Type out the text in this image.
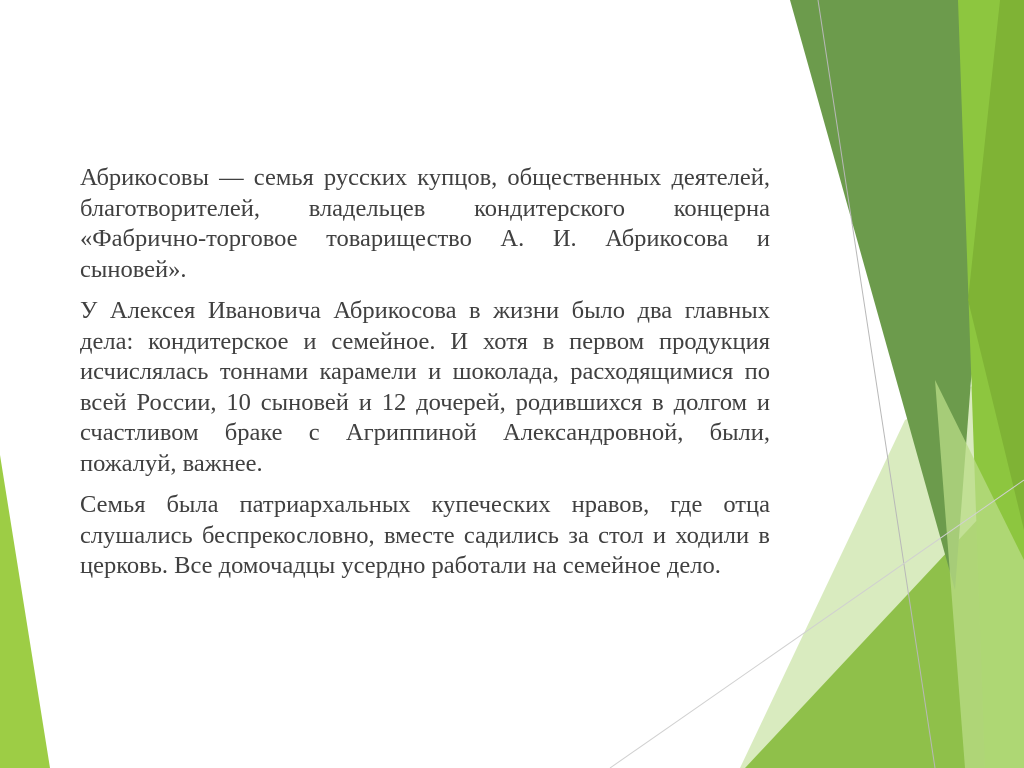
Абрикосовы — семья русских купцов, общественных деятелей, благотворителей, владельцев кондитерского концерна «Фабрично-торговое товарищество А. И. Абрикосова и сыновей».

У Алексея Ивановича Абрикосова в жизни было два главных дела: кондитерское и семейное. И хотя в первом продукция исчислялась тоннами карамели и шоколада, расходящимися по всей России, 10 сыновей и 12 дочерей, родившихся в долгом и счастливом браке с Агриппиной Александровной, были, пожалуй, важнее.

Семья была патриархальных купеческих нравов, где отца слушались беспрекословно, вместе садились за стол и ходили в церковь. Все домочадцы усердно работали на семейное дело.
